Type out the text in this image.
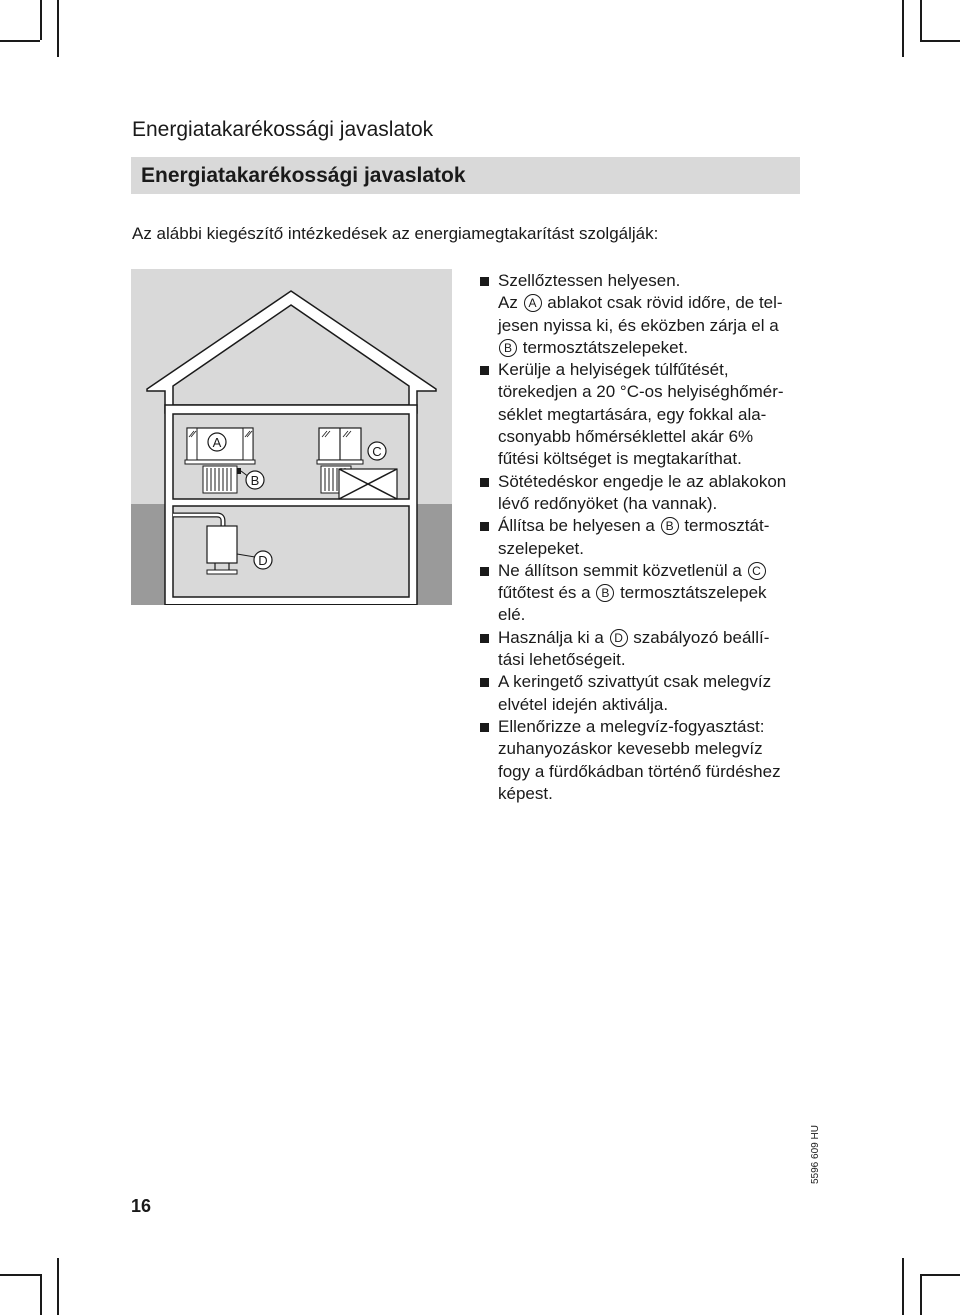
Energiatakarékossági javaslatok
Energiatakarékossági javaslatok
Az alábbi kiegészítő intézkedések az energiamegtakarítást szolgálják:
A
B
C
D
Szellőztessen helyesen.
Az A ablakot csak rövid időre, de tel-
jesen nyissa ki, és eközben zárja el a
B termosztátszelepeket.
Kerülje a helyiségek túlfűtését,
törekedjen a 20 °C-os helyiséghőmér-
séklet megtartására, egy fokkal ala-
csonyabb hőmérséklettel akár 6%
fűtési költséget is megtakaríthat.
Sötétedéskor engedje le az ablakokon
lévő redőnyöket (ha vannak).
Állítsa be helyesen a B termosztát-
szelepeket.
Ne állítson semmit közvetlenül a C
fűtőtest és a B termosztátszelepek
elé.
Használja ki a D szabályozó beállí-
tási lehetőségeit.
A keringető szivattyút csak melegvíz
elvétel idején aktiválja.
Ellenőrizze a melegvíz-fogyasztást:
zuhanyozáskor kevesebb melegvíz
fogy a fürdőkádban történő fürdéshez
képest.
16
5596 609 HU
